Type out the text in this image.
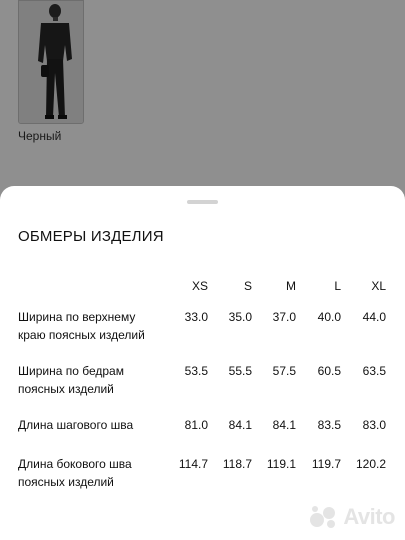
Черный
ОБМЕРЫ ИЗДЕЛИЯ
XS	S	M	L	XL
Ширина по верхнему
краю поясных изделий
33.0	35.0	37.0	40.0	44.0
Ширина по бедрам
поясных изделий
53.5	55.5	57.5	60.5	63.5
Длина шагового шва	81.0	84.1	84.1	83.5	83.0
Длина бокового шва
поясных изделий
114.7	118.7	119.1	119.7	120.2
Avito
